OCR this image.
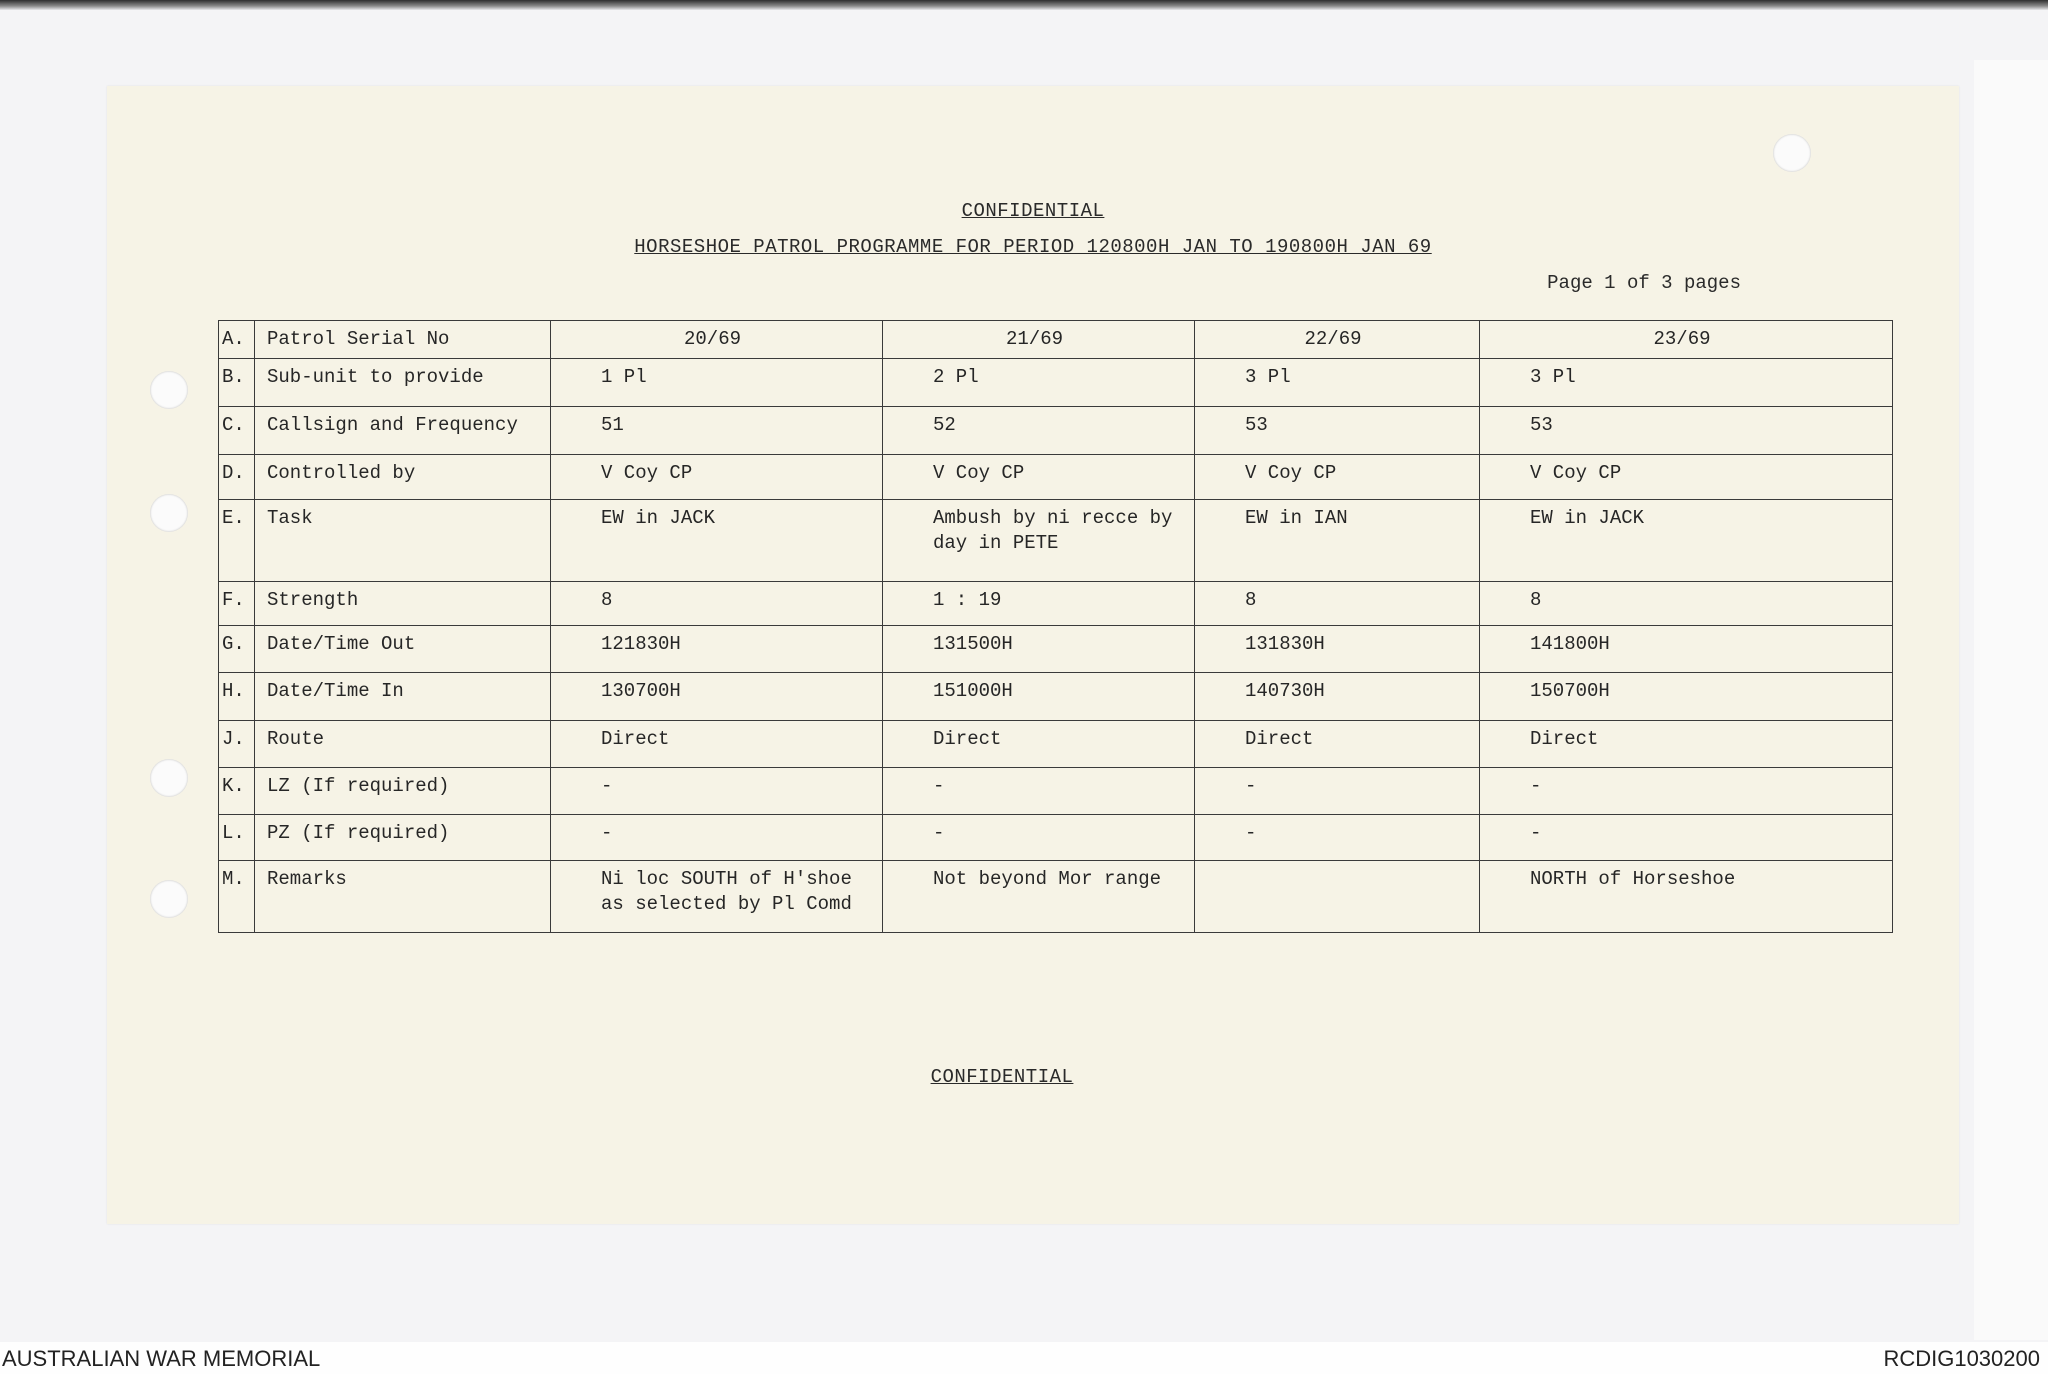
CONFIDENTIAL
HORSESHOE PATROL PROGRAMME FOR PERIOD 120800H JAN TO 190800H JAN 69
Page 1 of 3 pages
A.	Patrol Serial No	20/69	21/69	22/69	23/69
B.	Sub-unit to provide	1 Pl	2 Pl	3 Pl	3 Pl
C.	Callsign and Frequency	51	52	53	53
D.	Controlled by	V Coy CP	V Coy CP	V Coy CP	V Coy CP
E.	Task	EW in JACK	Ambush by ni recce by day in PETE	EW in IAN	EW in JACK
F.	Strength	8	1 : 19	8	8
G.	Date/Time Out	121830H	131500H	131830H	141800H
H.	Date/Time In	130700H	151000H	140730H	150700H
J.	Route	Direct	Direct	Direct	Direct
K.	LZ (If required)	-	-	-	-
L.	PZ (If required)	-	-	-	-
M.	Remarks	Ni loc SOUTH of H'shoe as selected by Pl Comd	Not beyond Mor range		NORTH of Horseshoe
CONFIDENTIAL
AUSTRALIAN WAR MEMORIAL	RCDIG1030200
